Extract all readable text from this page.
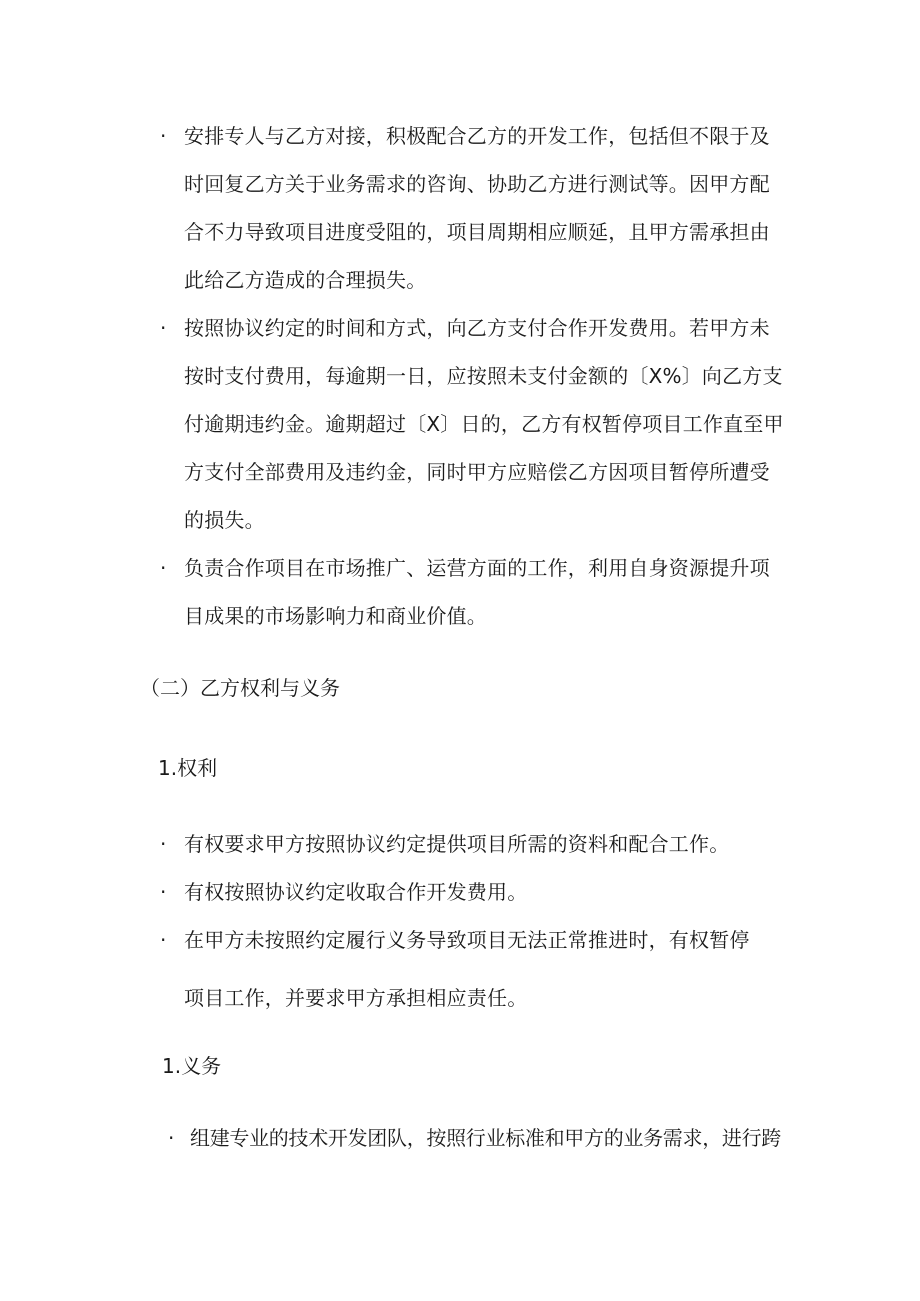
· 安排专人与乙方对接，积极配合乙方的开发工作，包括但不限于及
时回复乙方关于业务需求的咨询、协助乙方进行测试等。因甲方配
合不力导致项目进度受阻的，项目周期相应顺延，且甲方需承担由
此给乙方造成的合理损失。
· 按照协议约定的时间和方式，向乙方支付合作开发费用。若甲方未
按时支付费用，每逾期一日，应按照未支付金额的〔X%〕向乙方支
付逾期违约金。逾期超过〔X〕日的，乙方有权暂停项目工作直至甲
方支付全部费用及违约金，同时甲方应赔偿乙方因项目暂停所遭受
的损失。
· 负责合作项目在市场推广、运营方面的工作，利用自身资源提升项
目成果的市场影响力和商业价值。
（二）乙方权利与义务
1.权利
· 有权要求甲方按照协议约定提供项目所需的资料和配合工作。
· 有权按照协议约定收取合作开发费用。
· 在甲方未按照约定履行义务导致项目无法正常推进时，有权暂停
项目工作，并要求甲方承担相应责任。
1.义务
· 组建专业的技术开发团队，按照行业标准和甲方的业务需求，进行跨
